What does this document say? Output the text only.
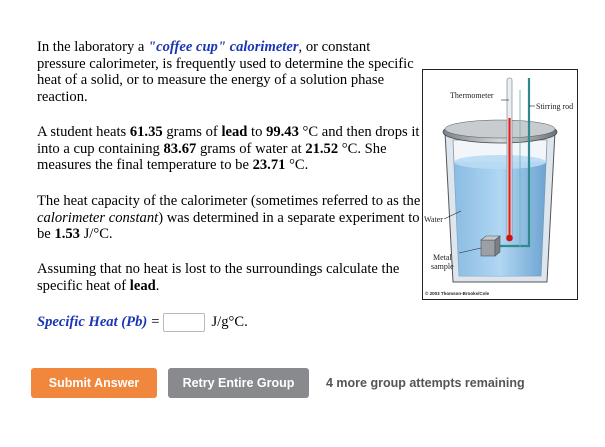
In the laboratory a "coffee cup" calorimeter, or constant pressure calorimeter, is frequently used to determine the specific heat of a solid, or to measure the energy of a solution phase reaction.

A student heats 61.35 grams of lead to 99.43 °C and then drops it into a cup containing 83.67 grams of water at 21.52 °C. She measures the final temperature to be 23.71 °C.

The heat capacity of the calorimeter (sometimes referred to as the calorimeter constant) was determined in a separate experiment to be 1.53 J/°C.

Assuming that no heat is lost to the surroundings calculate the specific heat of lead.

Specific Heat (Pb) =	J/g°C.
Thermometer
Stirring rod
Water
Metal
sample
© 2003 Thomson-Brooks/Cole
Submit Answer	Retry Entire Group	4 more group attempts remaining
